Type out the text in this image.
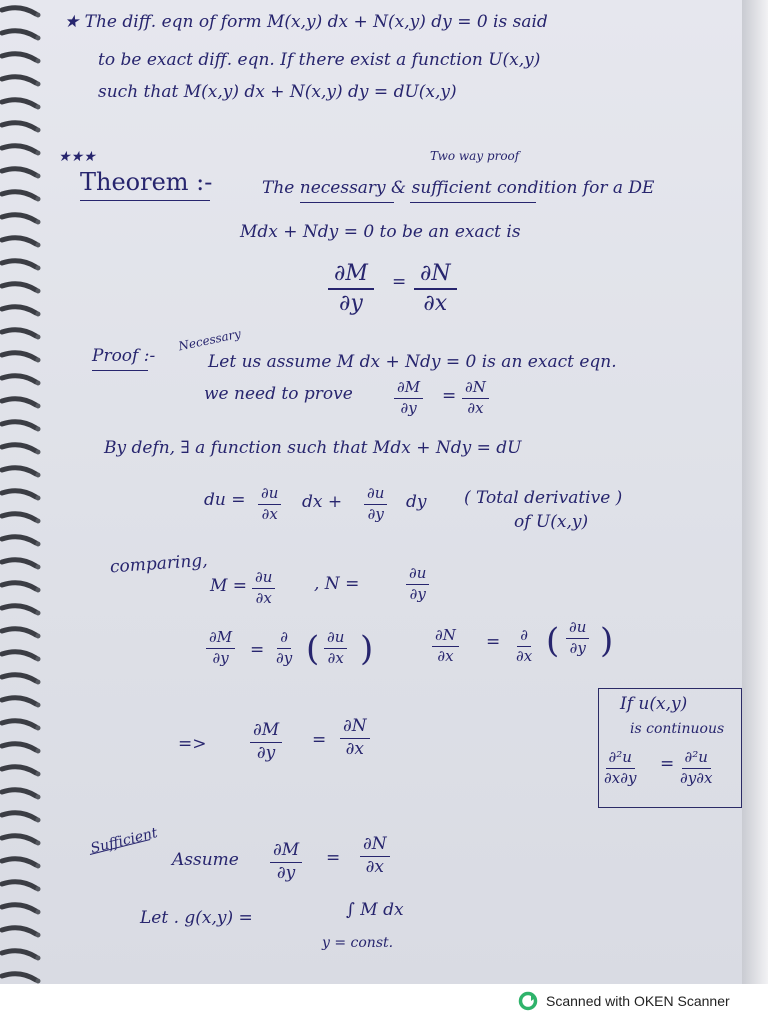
★ The diff. eqn of form M(x,y) dx + N(x,y) dy = 0 is said
to be exact diff. eqn. If there exist a function U(x,y)
such that M(x,y) dx + N(x,y) dy = dU(x,y)
★★★	Two way proof
Theorem :-	The necessary & sufficient condition for a DE
Mdx + Ndy = 0 to be an exact is
$\frac{\partial M}{\partial y} = \frac{\partial N}{\partial x}$
Necessary
Proof :-	Let us assume M dx + Ndy = 0 is an exact eqn.
we need to prove	$\frac{\partial M}{\partial y} = \frac{\partial N}{\partial x}$
By defn, ∃ a function such that Mdx + Ndy = dU
du = $\frac{\partial u}{\partial x}$ dx + $\frac{\partial u}{\partial y}$ dy ( Total derivative )
of U(x,y)
comparing,
$M = \frac{\partial u}{\partial x}$ , N =	$\frac{\partial u}{\partial y}$
$\frac{\partial M}{\partial y}$ =
∂
∂y ( $\frac{\partial u}{\partial x}$ )	$\frac{\partial N}{\partial x}$ = ∂
∂x ( $\frac{\partial u}{\partial y}$ )
=>	$\frac{\partial M}{\partial y} = \frac{\partial N}{\partial x}$
If u(x,y)
is continuous
$\frac{\text{∂²u}}{\partial x\partial y} = \frac{\text{∂²u}}{\partial y\partial x}$
Sufficient
Assume $\frac{\partial M}{\partial y} = \frac{\partial N}{\partial x}$
Let . g(x,y) =	∫ M dx
y = const.
Scanned with OKEN Scanner
